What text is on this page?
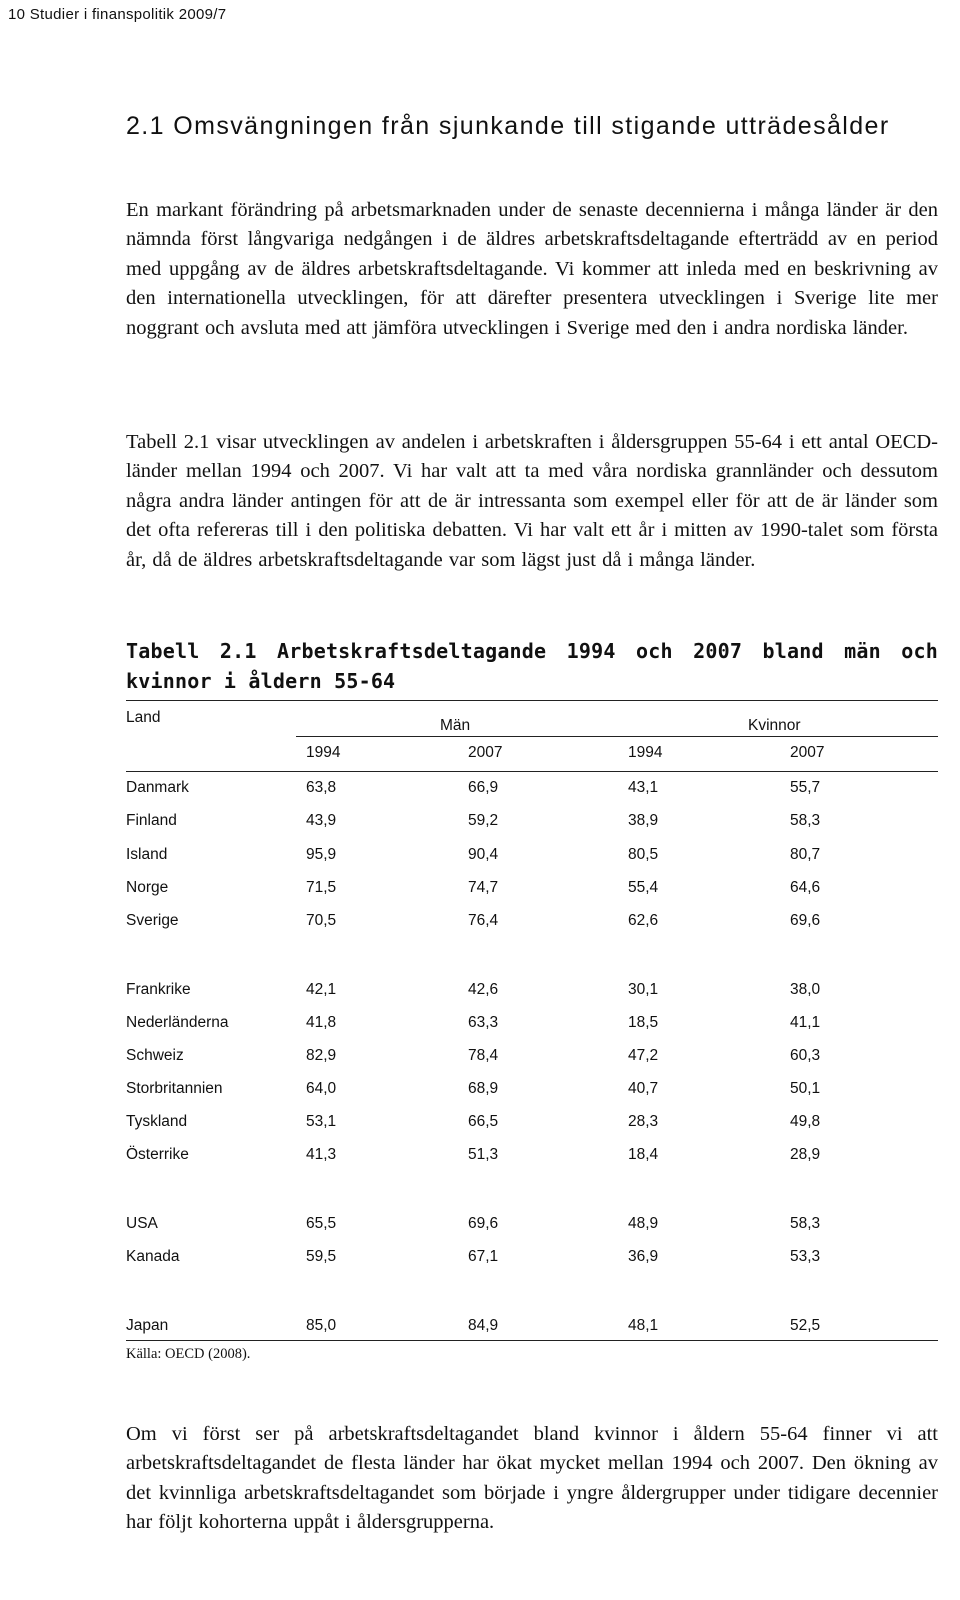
10 Studier i finanspolitik 2009/7
2.1 Omsvängningen från sjunkande till stigande utträdesålder

En markant förändring på arbetsmarknaden under de senaste decennierna i många länder är den nämnda först långvariga nedgången i de äldres arbetskraftsdeltagande efterträdd av en period med uppgång av de äldres arbetskraftsdeltagande. Vi kommer att inleda med en beskrivning av den internationella utvecklingen, för att därefter presentera utvecklingen i Sverige lite mer noggrant och avsluta med att jämföra utvecklingen i Sverige med den i andra nordiska länder.

Tabell 2.1 visar utvecklingen av andelen i arbetskraften i åldersgruppen 55-64 i ett antal OECD-länder mellan 1994 och 2007. Vi har valt att ta med våra nordiska grannländer och dessutom några andra länder antingen för att de är intressanta som exempel eller för att de är länder som det ofta refereras till i den politiska debatten. Vi har valt ett år i mitten av 1990-talet som första år, då de äldres arbetskraftsdeltagande var som lägst just då i många länder.

Tabell 2.1 Arbetskraftsdeltagande 1994 och 2007 bland män och kvinnor i åldern 55-64

Land	Män	Kvinnor
1994	2007	1994	2007
Danmark	63,8	66,9	43,1	55,7
Finland	43,9	59,2	38,9	58,3
Island	95,9	90,4	80,5	80,7
Norge	71,5	74,7	55,4	64,6
Sverige	70,5	76,4	62,6	69,6
Frankrike	42,1	42,6	30,1	38,0
Nederländerna	41,8	63,3	18,5	41,1
Schweiz	82,9	78,4	47,2	60,3
Storbritannien	64,0	68,9	40,7	50,1
Tyskland	53,1	66,5	28,3	49,8
Österrike	41,3	51,3	18,4	28,9
USA	65,5	69,6	48,9	58,3
Kanada	59,5	67,1	36,9	53,3
Japan	85,0	84,9	48,1	52,5
Källa: OECD (2008).

Om vi först ser på arbetskraftsdeltagandet bland kvinnor i åldern 55-64 finner vi att arbetskraftsdeltagandet de flesta länder har ökat mycket mellan 1994 och 2007. Den ökning av det kvinnliga arbetskraftsdeltagandet som började i yngre åldergrupper under tidigare decennier har följt kohorterna uppåt i åldersgrupperna.
